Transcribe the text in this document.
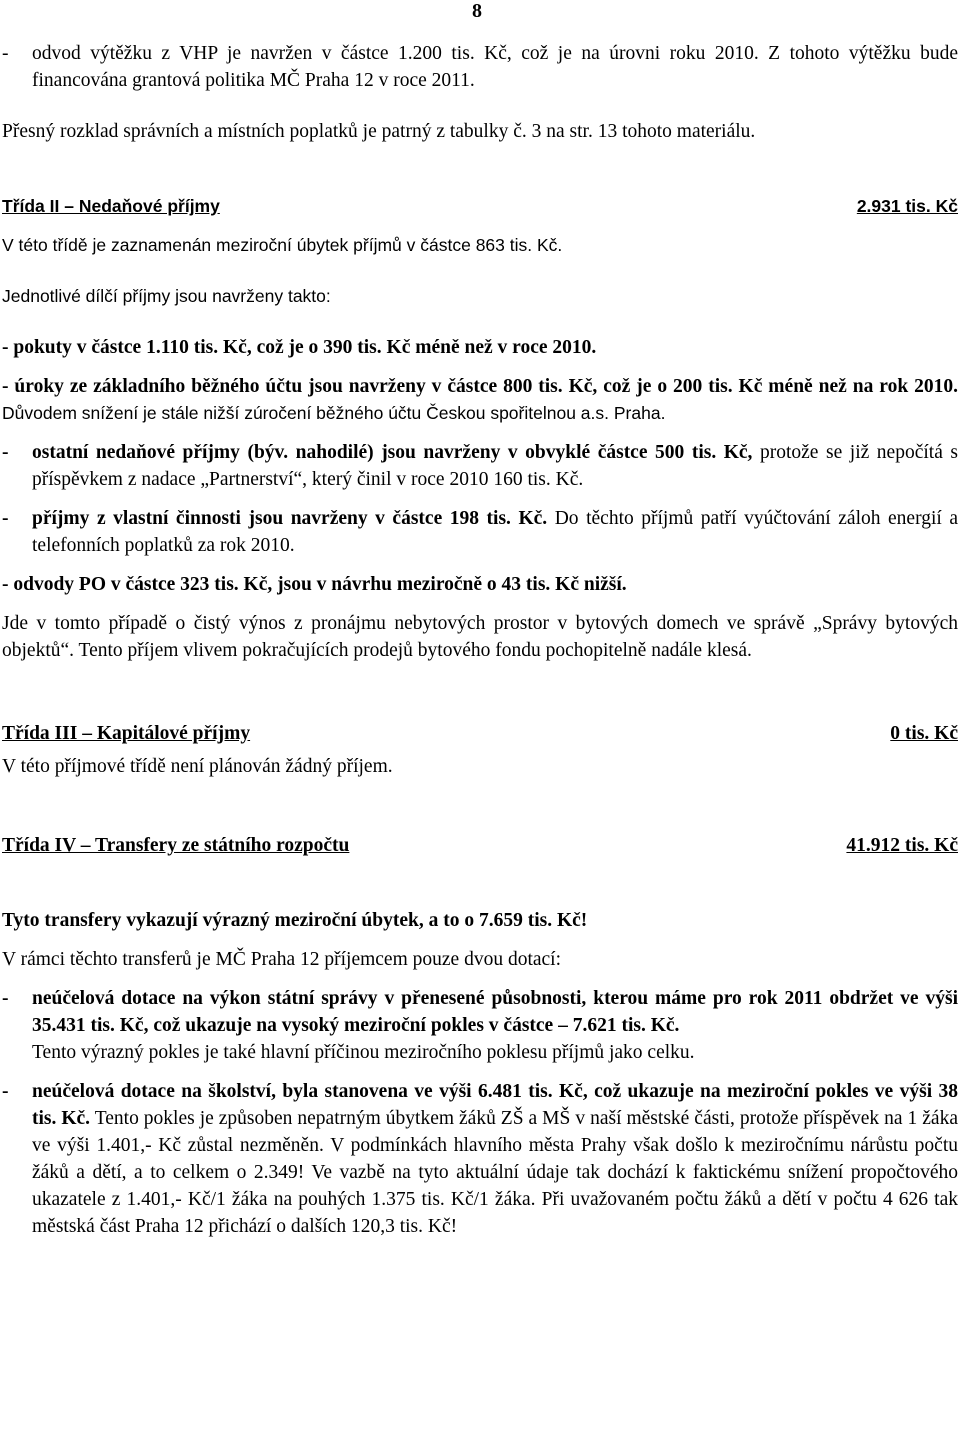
8

- odvod výtěžku z VHP je navržen v částce 1.200 tis. Kč, což je na úrovni roku 2010. Z tohoto výtěžku bude financována grantová politika MČ Praha 12 v roce 2011.

Přesný rozklad správních a místních poplatků je patrný z tabulky č. 3 na str. 13 tohoto materiálu.

Třída II – Nedaňové příjmy	2.931 tis. Kč

V této třídě je zaznamenán meziroční úbytek příjmů v částce 863 tis. Kč.

Jednotlivé dílčí příjmy jsou navrženy takto:

- pokuty v částce 1.110 tis. Kč, což je o 390 tis. Kč méně než v roce 2010.

- úroky ze základního běžného účtu jsou navrženy v částce 800 tis. Kč, což je o 200 tis. Kč méně než na rok 2010. Důvodem snížení je stále nižší zúročení běžného účtu Českou spořitelnou a.s. Praha.

- ostatní nedaňové příjmy (býv. nahodilé) jsou navrženy v obvyklé částce 500 tis. Kč, protože se již nepočítá s příspěvkem z nadace „Partnerství“, který činil v roce 2010 160 tis. Kč.

- příjmy z vlastní činnosti jsou navrženy v částce 198 tis. Kč. Do těchto příjmů patří vyúčtování záloh energií a telefonních poplatků za rok 2010.

- odvody PO v částce 323 tis. Kč, jsou v návrhu meziročně o 43 tis. Kč nižší.

Jde v tomto případě o čistý výnos z pronájmu nebytových prostor v bytových domech ve správě „Správy bytových objektů“. Tento příjem vlivem pokračujících prodejů bytového fondu pochopitelně nadále klesá.

Třída III – Kapitálové příjmy	0 tis. Kč

V této příjmové třídě není plánován žádný příjem.

Třída IV – Transfery ze státního rozpočtu	41.912 tis. Kč

Tyto transfery vykazují výrazný meziroční úbytek, a to o 7.659 tis. Kč!

V rámci těchto transferů je MČ Praha 12 příjemcem pouze dvou dotací:

- neúčelová dotace na výkon státní správy v přenesené působnosti, kterou máme pro rok 2011 obdržet ve výši 35.431 tis. Kč, což ukazuje na vysoký meziroční pokles v částce – 7.621 tis. Kč.

Tento výrazný pokles je také hlavní příčinou meziročního poklesu příjmů jako celku.

- neúčelová dotace na školství, byla stanovena ve výši 6.481 tis. Kč, což ukazuje na meziroční pokles ve výši 38 tis. Kč. Tento pokles je způsoben nepatrným úbytkem žáků ZŠ a MŠ v naší městské části, protože příspěvek na 1 žáka ve výši 1.401,- Kč zůstal nezměněn. V podmínkách hlavního města Prahy však došlo k meziročnímu nárůstu počtu žáků a dětí, a to celkem o 2.349! Ve vazbě na tyto aktuální údaje tak dochází k faktickému snížení propočtového ukazatele z 1.401,- Kč/1 žáka na pouhých 1.375 tis. Kč/1 žáka. Při uvažovaném počtu žáků a dětí v počtu 4 626 tak městská část Praha 12 přichází o dalších 120,3 tis. Kč!
